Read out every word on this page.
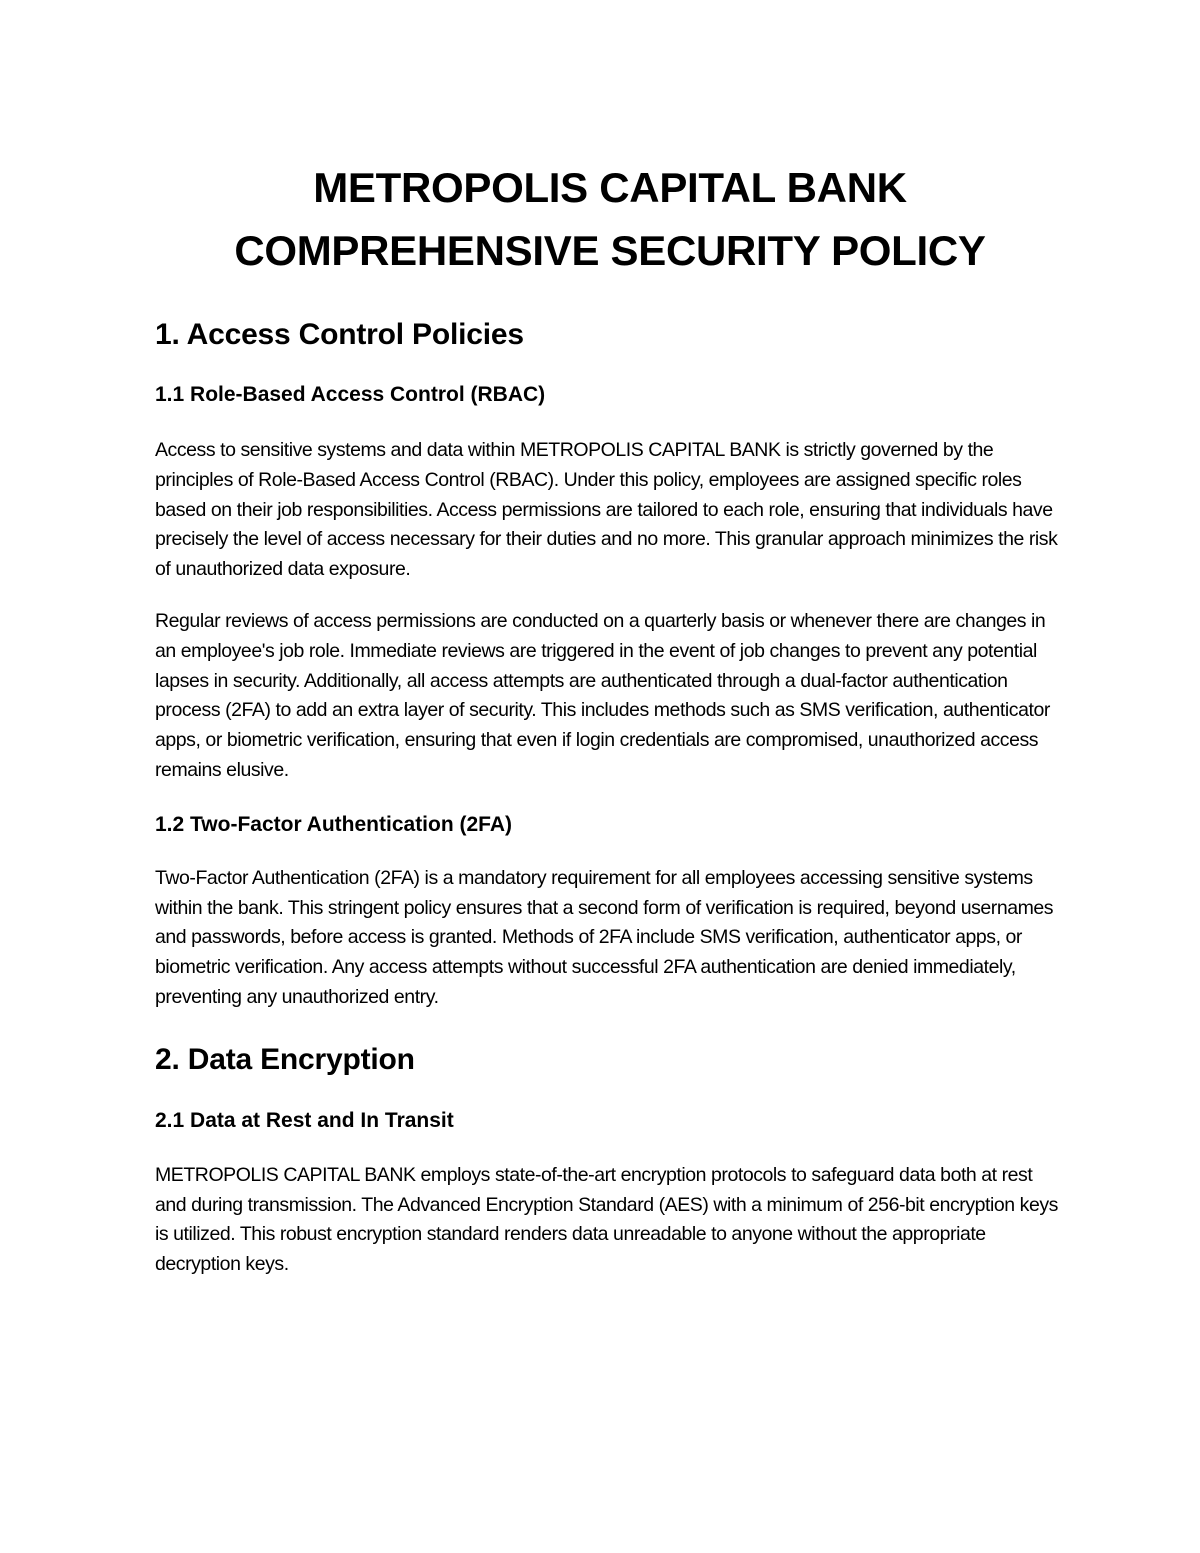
METROPOLIS CAPITAL BANK
COMPREHENSIVE SECURITY POLICY
1. Access Control Policies
1.1 Role-Based Access Control (RBAC)

Access to sensitive systems and data within METROPOLIS CAPITAL BANK is strictly governed by the principles of Role-Based Access Control (RBAC). Under this policy, employees are assigned specific roles based on their job responsibilities. Access permissions are tailored to each role, ensuring that individuals have precisely the level of access necessary for their duties and no more. This granular approach minimizes the risk of unauthorized data exposure.

Regular reviews of access permissions are conducted on a quarterly basis or whenever there are changes in an employee's job role. Immediate reviews are triggered in the event of job changes to prevent any potential lapses in security. Additionally, all access attempts are authenticated through a dual-factor authentication process (2FA) to add an extra layer of security. This includes methods such as SMS verification, authenticator apps, or biometric verification, ensuring that even if login credentials are compromised, unauthorized access remains elusive.

1.2 Two-Factor Authentication (2FA)

Two-Factor Authentication (2FA) is a mandatory requirement for all employees accessing sensitive systems within the bank. This stringent policy ensures that a second form of verification is required, beyond usernames and passwords, before access is granted. Methods of 2FA include SMS verification, authenticator apps, or biometric verification. Any access attempts without successful 2FA authentication are denied immediately, preventing any unauthorized entry.

2. Data Encryption
2.1 Data at Rest and In Transit

METROPOLIS CAPITAL BANK employs state-of-the-art encryption protocols to safeguard data both at rest and during transmission. The Advanced Encryption Standard (AES) with a minimum of 256-bit encryption keys is utilized. This robust encryption standard renders data unreadable to anyone without the appropriate decryption keys.
